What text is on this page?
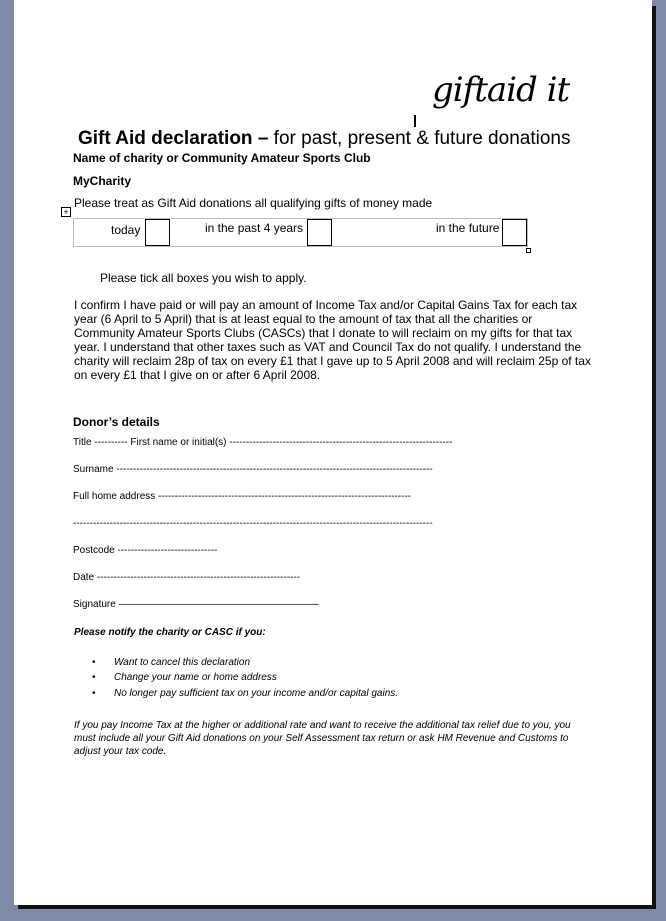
giftaid it
Gift Aid declaration – for past, present & future donations
Name of charity or Community Amateur Sports Club
MyCharity
Please treat as Gift Aid donations all qualifying gifts of money made
+
today	in the past 4 years	in the future
Please tick all boxes you wish to apply.
I confirm I have paid or will pay an amount of Income Tax and/or Capital Gains Tax for each tax year (6 April to 5 April) that is at least equal to the amount of tax that all the charities or Community Amateur Sports Clubs (CASCs) that I donate to will reclaim on my gifts for that tax year. I understand that other taxes such as VAT and Council Tax do not qualify. I understand the charity will reclaim 28p of tax on every £1 that I gave up to 5 April 2008 and will reclaim 25p of tax on every £1 that I give on or after 6 April 2008.
Donor’s details
Title ---------- First name or initial(s) -------------------------------------------------------------------
Surname -----------------------------------------------------------------------------------------------
Full home address ----------------------------------------------------------------------------
------------------------------------------------------------------------------------------------------------
Postcode ------------------------------
Date -------------------------------------------------------------
Signature ————————————————————
Please notify the charity or CASC if you:
• Want to cancel this declaration
• Change your name or home address
• No longer pay sufficient tax on your income and/or capital gains.
If you pay Income Tax at the higher or additional rate and want to receive the additional tax relief due to you, you must include all your Gift Aid donations on your Self Assessment tax return or ask HM Revenue and Customs to adjust your tax code.
